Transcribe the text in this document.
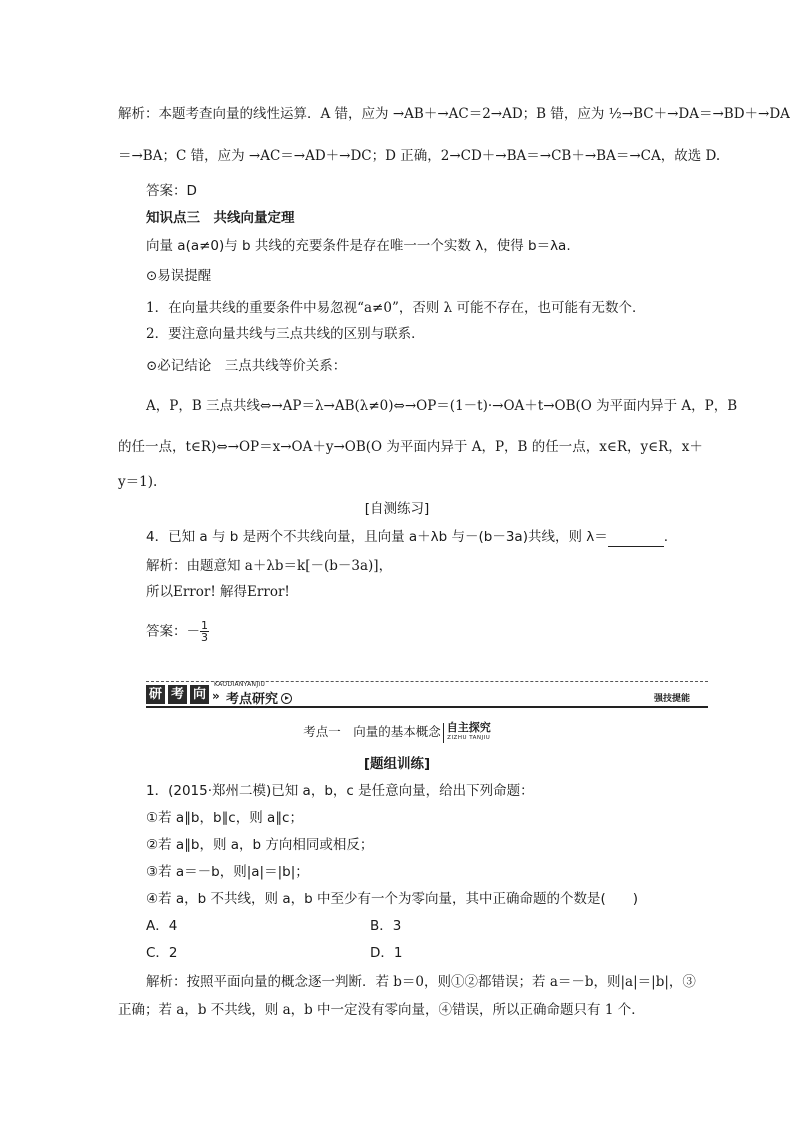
解析：本题考查向量的线性运算．A 错，应为 →AB＋→AC＝2→AD；B 错，应为 ½→BC＋→DA＝→BD＋→DA
＝→BA；C 错，应为 →AC＝→AD＋→DC；D 正确，2→CD＋→BA＝→CB＋→BA＝→CA，故选 D.
答案：D
知识点三　共线向量定理
向量 a(a≠0)与 b 共线的充要条件是存在唯一一个实数 λ，使得 b＝λa.
⊙易误提醒
1．在向量共线的重要条件中易忽视“a≠0”，否则 λ 可能不存在，也可能有无数个．
2．要注意向量共线与三点共线的区别与联系．
⊙必记结论　三点共线等价关系：
A，P，B 三点共线⇔→AP＝λ→AB(λ≠0)⇔→OP＝(1－t)·→OA＋t→OB(O 为平面内异于 A，P，B
的任一点，t∈R)⇔→OP＝x→OA＋y→OB(O 为平面内异于 A，P，B 的任一点，x∈R，y∈R，x＋
y＝1).
[自测练习]
4．已知 a 与 b 是两个不共线向量，且向量 a＋λb 与－(b－3a)共线，则 λ＝	.
解析：由题意知 a＋λb＝k[－(b－3a)]，
所以Error! 解得Error!
答案：－ $\frac{1}{3}$
研 考 向
KAODIANYANJIU
» 考点研究	强技提能
考点一　向量的基本概念 自主探究
ZIZHU TANJIU
[题组训练]
1．(2015·郑州二模)已知 a，b，c 是任意向量，给出下列命题：
①若 a∥b，b∥c，则 a∥c；
②若 a∥b，则 a，b 方向相同或相反；
③若 a＝－b，则|a|＝|b|；
④若 a，b 不共线，则 a，b 中至少有一个为零向量，其中正确命题的个数是(　　)
A．4	B．3
C．2	D．1
解析：按照平面向量的概念逐一判断．若 b＝0，则①②都错误；若 a＝－b，则|a|＝|b|，③
正确；若 a，b 不共线，则 a，b 中一定没有零向量，④错误，所以正确命题只有 1 个．
